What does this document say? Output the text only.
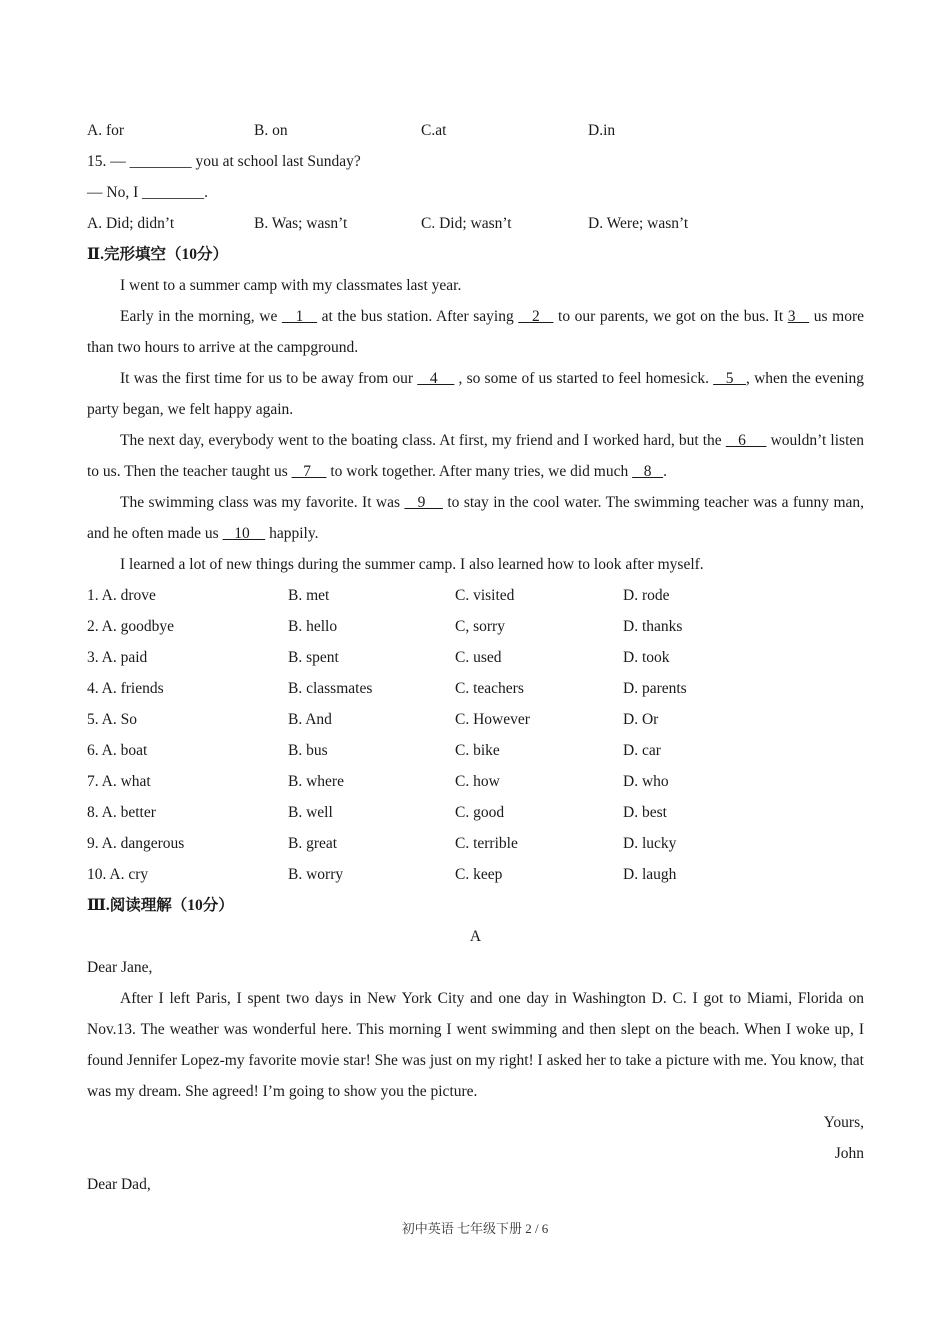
A. for	B. on	C.at	D.in
15. — ________ you at school last Sunday?
— No, I ________.
A. Did; didn’t	B. Was; wasn’t	C. Did; wasn’t	D. Were; wasn’t
Ⅱ.完形填空（10分）

I went to a summer camp with my classmates last year.

Early in the morning, we    1    at the bus station. After saying    2    to our parents, we got on the bus. It 3    us more than two hours to arrive at the campground.

It was the first time for us to be away from our    4     , so some of us started to feel homesick.    5   , when the evening party began, we felt happy again.

The next day, everybody went to the boating class. At first, my friend and I worked hard, but the    6      wouldn’t listen to us. Then the teacher taught us    7     to work together. After many tries, we did much    8   .

The swimming class was my favorite. It was    9     to stay in the cool water. The swimming teacher was a funny man, and he often made us    10     happily.

I learned a lot of new things during the summer camp. I also learned how to look after myself.

1. A. drove	B. met	C. visited	D. rode
2. A. goodbye	B. hello	C, sorry	D. thanks
3. A. paid	B. spent	C. used	D. took
4. A. friends	B. classmates	C. teachers	D. parents
5. A. So	B. And	C. However	D. Or
6. A. boat	B. bus	C. bike	D. car
7. A. what	B. where	C. how	D. who
8. A. better	B. well	C. good	D. best
9. A. dangerous	B. great	C. terrible	D. lucky
10. A. cry	B. worry	C. keep	D. laugh
Ⅲ.阅读理解（10分）
A
Dear Jane,

After I left Paris, I spent two days in New York City and one day in Washington D. C. I got to Miami, Florida on Nov.13. The weather was wonderful here. This morning I went swimming and then slept on the beach. When I woke up, I found Jennifer Lopez-my favorite movie star! She was just on my right! I asked her to take a picture with me. You know, that was my dream. She agreed! I’m going to show you the picture.

Yours,
John
Dear Dad,
初中英语 七年级下册 2 / 6
